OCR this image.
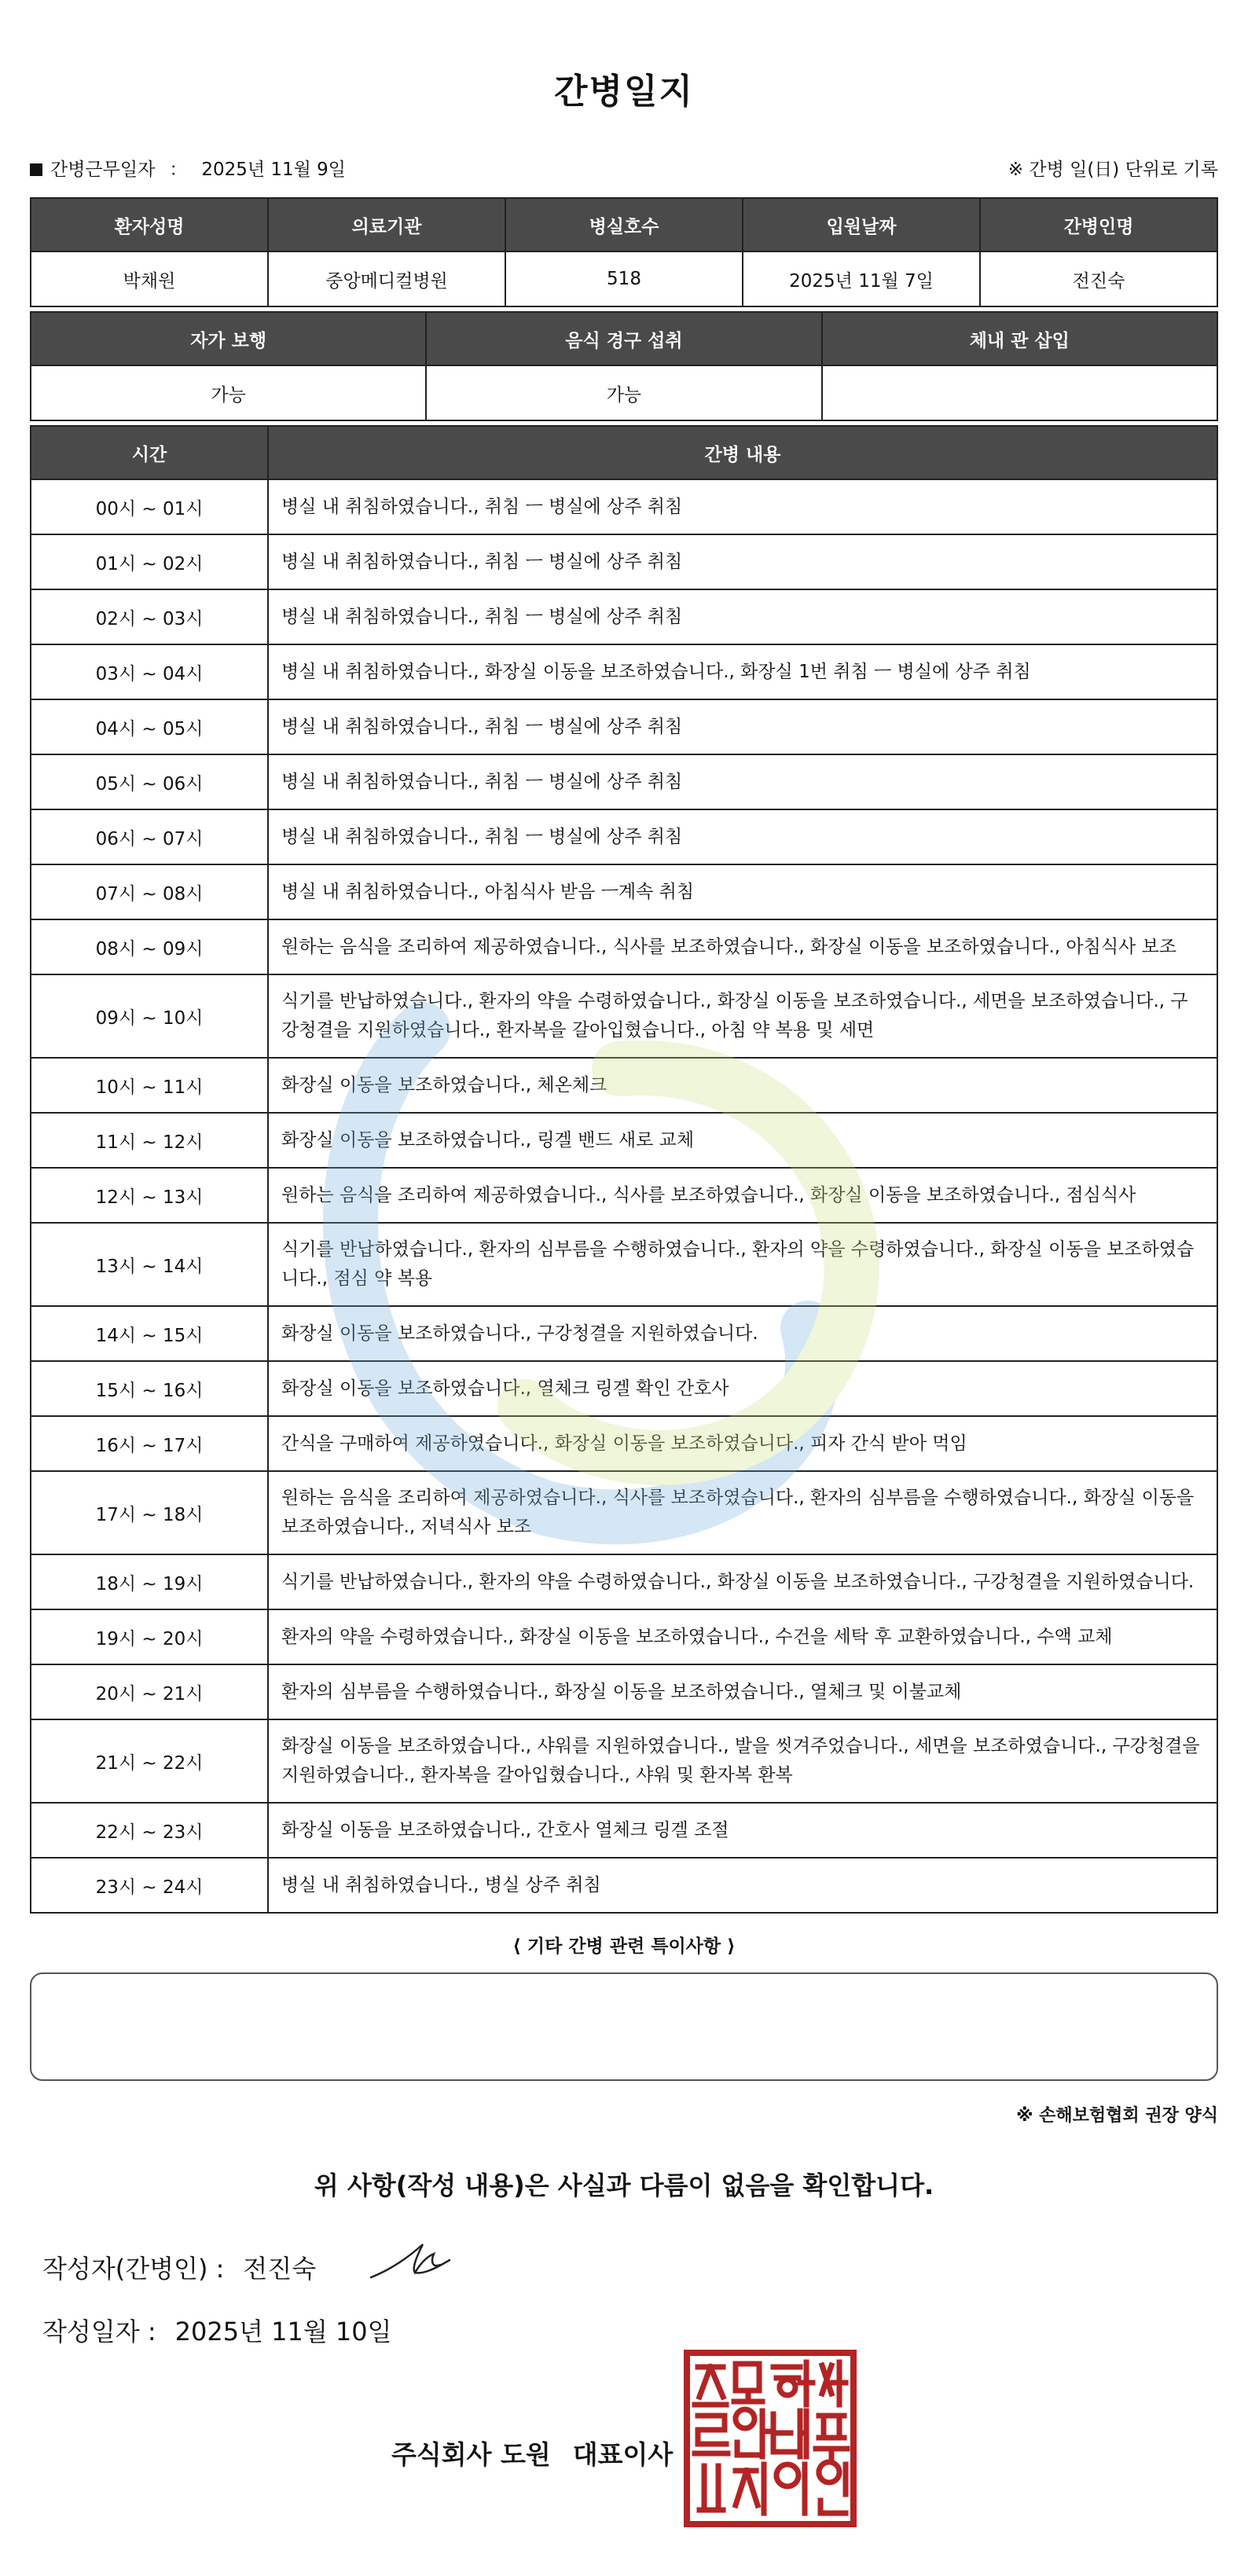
간병일지
간병근무일자 ： 2025년 11월 9일	※ 간병 일(日) 단위로 기록
환자성명	의료기관	병실호수	입원날짜	간병인명
박채원	중앙메디컬병원	518	2025년 11월 7일	전진숙
자가 보행	음식 경구 섭취	체내 관 삽입
가능	가능	
시간	간병 내용
00시 ~ 01시	병실 내 취침하였습니다., 취침 ㅡ 병실에 상주 취침
01시 ~ 02시	병실 내 취침하였습니다., 취침 ㅡ 병실에 상주 취침
02시 ~ 03시	병실 내 취침하였습니다., 취침 ㅡ 병실에 상주 취침
03시 ~ 04시	병실 내 취침하였습니다., 화장실 이동을 보조하였습니다., 화장실 1번 취침 ㅡ 병실에 상주 취침
04시 ~ 05시	병실 내 취침하였습니다., 취침 ㅡ 병실에 상주 취침
05시 ~ 06시	병실 내 취침하였습니다., 취침 ㅡ 병실에 상주 취침
06시 ~ 07시	병실 내 취침하였습니다., 취침 ㅡ 병실에 상주 취침
07시 ~ 08시	병실 내 취침하였습니다., 아침식사 받음 ㅡ계속 취침
08시 ~ 09시	원하는 음식을 조리하여 제공하였습니다., 식사를 보조하였습니다., 화장실 이동을 보조하였습니다., 아침식사 보조
09시 ~ 10시	식기를 반납하였습니다., 환자의 약을 수령하였습니다., 화장실 이동을 보조하였습니다., 세면을 보조하였습니다., 구강청결을 지원하였습니다., 환자복을 갈아입혔습니다., 아침 약 복용 및 세면
10시 ~ 11시	화장실 이동을 보조하였습니다., 체온체크
11시 ~ 12시	화장실 이동을 보조하였습니다., 링겔 밴드 새로 교체
12시 ~ 13시	원하는 음식을 조리하여 제공하였습니다., 식사를 보조하였습니다., 화장실 이동을 보조하였습니다., 점심식사
13시 ~ 14시	식기를 반납하였습니다., 환자의 심부름을 수행하였습니다., 환자의 약을 수령하였습니다., 화장실 이동을 보조하였습니다., 점심 약 복용
14시 ~ 15시	화장실 이동을 보조하였습니다., 구강청결을 지원하였습니다.
15시 ~ 16시	화장실 이동을 보조하였습니다., 열체크 링겔 확인 간호사
16시 ~ 17시	간식을 구매하여 제공하였습니다., 화장실 이동을 보조하였습니다., 피자 간식 받아 먹임
17시 ~ 18시	원하는 음식을 조리하여 제공하였습니다., 식사를 보조하였습니다., 환자의 심부름을 수행하였습니다., 화장실 이동을 보조하였습니다., 저녁식사 보조
18시 ~ 19시	식기를 반납하였습니다., 환자의 약을 수령하였습니다., 화장실 이동을 보조하였습니다., 구강청결을 지원하였습니다.
19시 ~ 20시	환자의 약을 수령하였습니다., 화장실 이동을 보조하였습니다., 수건을 세탁 후 교환하였습니다., 수액 교체
20시 ~ 21시	환자의 심부름을 수행하였습니다., 화장실 이동을 보조하였습니다., 열체크 및 이불교체
21시 ~ 22시	화장실 이동을 보조하였습니다., 샤워를 지원하였습니다., 발을 씻겨주었습니다., 세면을 보조하였습니다., 구강청결을 지원하였습니다., 환자복을 갈아입혔습니다., 샤워 및 환자복 환복
22시 ~ 23시	화장실 이동을 보조하였습니다., 간호사 열체크 링겔 조절
23시 ~ 24시	병실 내 취침하였습니다., 병실 상주 취침
⟨ 기타 간병 관련 특이사항 ⟩
※ 손해보험협회 권장 양식
위 사항(작성 내용)은 사실과 다름이 없음을 확인합니다.
작성자(간병인) : 전진숙
작성일자 : 2025년 11월 10일
주식회사 도원 대표이사
